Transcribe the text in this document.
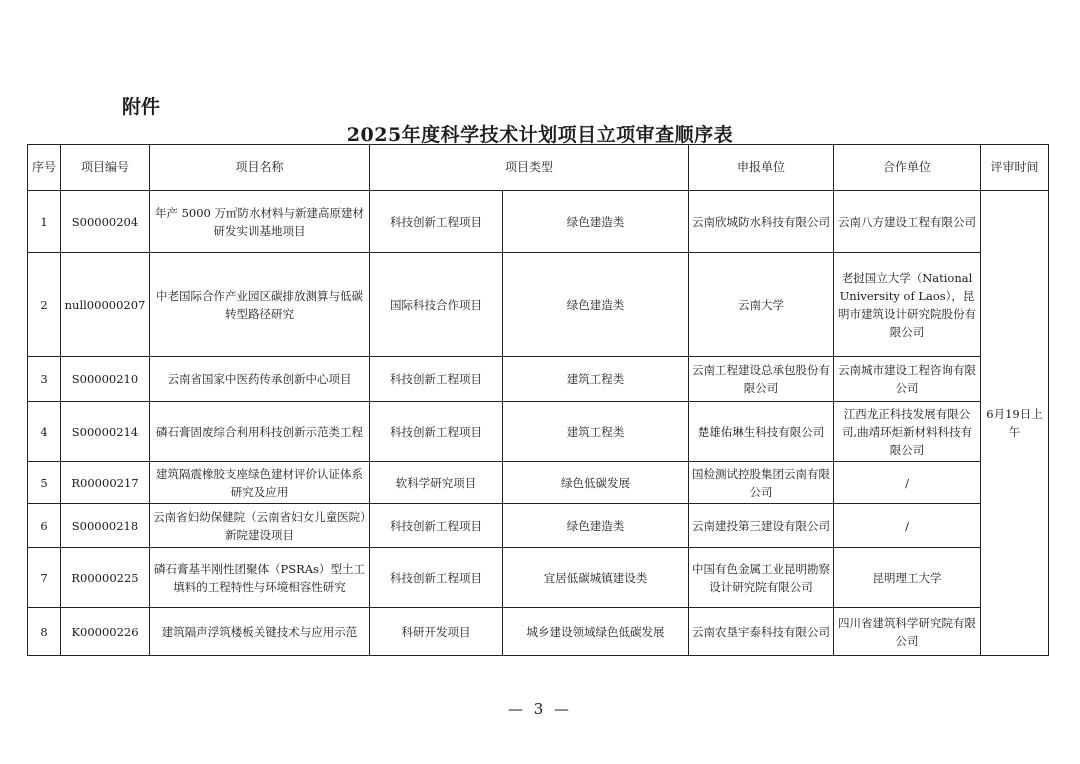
附件
2025年度科学技术计划项目立项审查顺序表
序号	项目编号	项目名称	项目类型		申报单位	合作单位	评审时间
1	S00000204	年产 5000 万㎡防水材料与新建高原建材研发实训基地项目	科技创新工程项目	绿色建造类	云南欣城防水科技有限公司	云南八方建设工程有限公司	6月19日上午
2	null00000207	中老国际合作产业园区碳排放测算与低碳转型路径研究	国际科技合作项目	绿色建造类	云南大学	老挝国立大学（National University of Laos），昆明市建筑设计研究院股份有限公司	
3	S00000210	云南省国家中医药传承创新中心项目	科技创新工程项目	建筑工程类	云南工程建设总承包股份有限公司	云南城市建设工程咨询有限公司	
4	S00000214	磷石膏固废综合利用科技创新示范类工程	科技创新工程项目	建筑工程类	楚雄佑琳生科技有限公司	江西龙正科技发展有限公司,曲靖环炬新材料科技有限公司	
5	R00000217	建筑隔震橡胶支座绿色建材评价认证体系研究及应用	软科学研究项目	绿色低碳发展	国检测试控股集团云南有限公司	/	
6	S00000218	云南省妇幼保健院（云南省妇女儿童医院）新院建设项目	科技创新工程项目	绿色建造类	云南建投第三建设有限公司	/	
7	R00000225	磷石膏基半刚性团聚体（PSRAs）型土工填料的工程特性与环境相容性研究	科技创新工程项目	宜居低碳城镇建设类	中国有色金属工业昆明勘察设计研究院有限公司	昆明理工大学	
8	K00000226	建筑隔声浮筑楼板关键技术与应用示范	科研开发项目	城乡建设领域绿色低碳发展	云南农垦宇泰科技有限公司	四川省建筑科学研究院有限公司	
— 3 —
